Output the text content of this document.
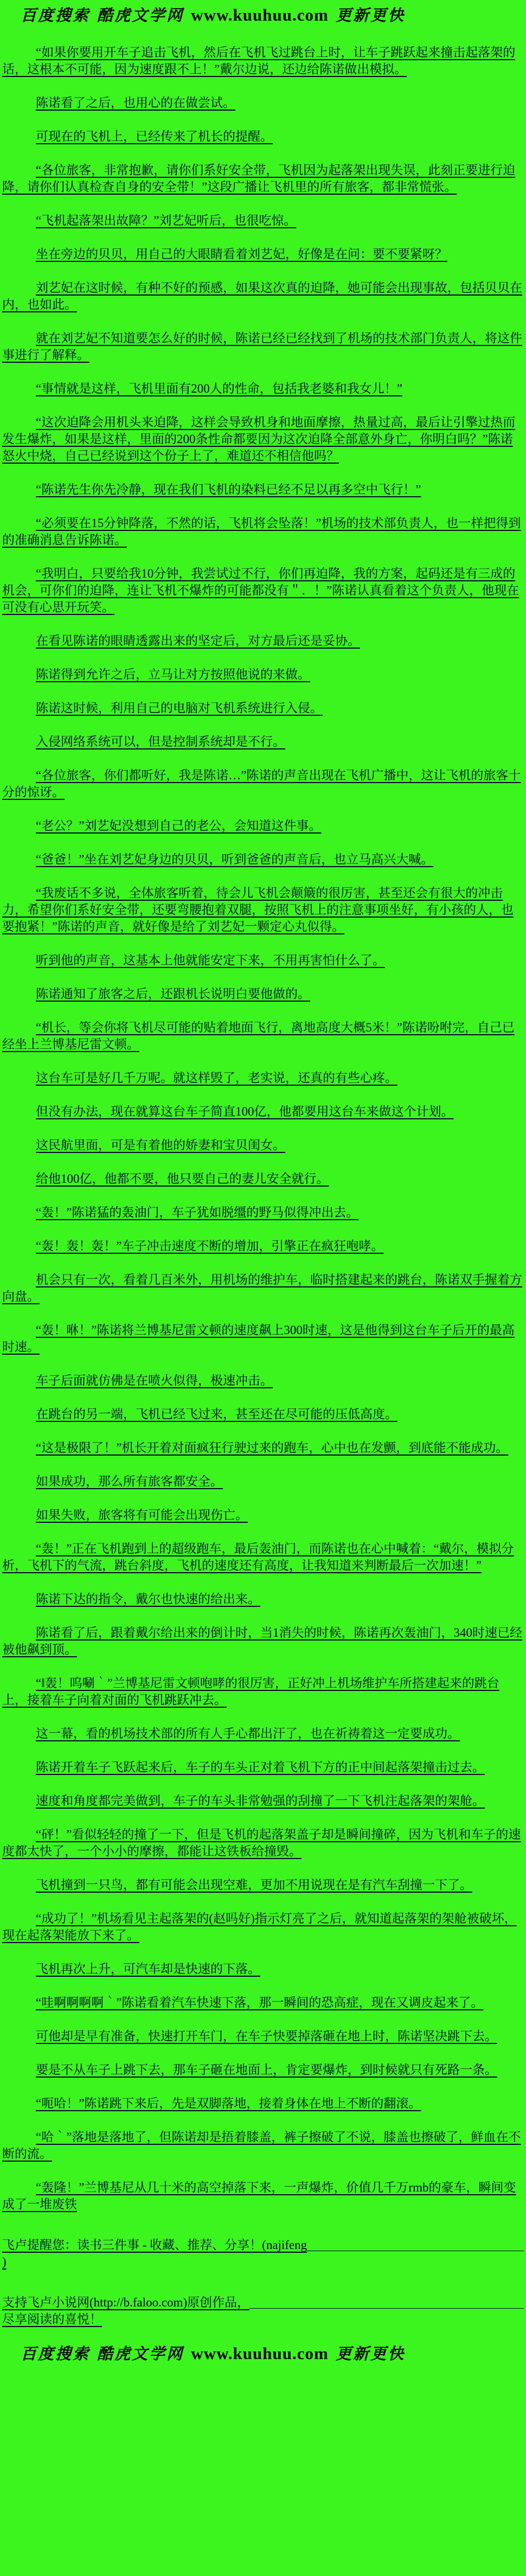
百度搜索 酷虎文学网 www.kuuhuu.com 更新更快

“如果你要用开车子追击飞机，然后在飞机飞过跳台上时，让车子跳跃起来撞击起落架的话，这根本不可能，因为速度跟不上！”戴尔边说，还边给陈诺做出模拟。

陈诺看了之后，也用心的在做尝试。

可现在的飞机上，已经传来了机长的提醒。

“各位旅客，非常抱歉，请你们系好安全带，飞机因为起落架出现失误，此刻正要进行迫降，请你们认真检查自身的安全带！”这段广播让飞机里的所有旅客，都非常慌张。

“飞机起落架出故障？”刘艺妃听后，也很吃惊。

坐在旁边的贝贝，用自己的大眼睛看着刘艺妃，好像是在问：要不要紧呀？

刘艺妃在这时候，有种不好的预感，如果这次真的迫降，她可能会出现事故，包括贝贝在内，也如此。

就在刘艺妃不知道要怎么好的时候，陈诺已经已经找到了机场的技术部门负责人，将这件事进行了解释。

“事情就是这样，飞机里面有200人的性命，包括我老婆和我女儿！”

“这次迫降会用机头来迫降，这样会导致机身和地面摩擦，热量过高，最后让引擎过热而发生爆炸，如果是这样，里面的200条性命都要因为这次迫降全部意外身亡，你明白吗？”陈诺怒火中烧，自己已经说到这个份子上了，难道还不相信他吗？

“陈诺先生你先冷静，现在我们飞机的染料已经不足以再多空中飞行！”

“必须要在15分钟降落，不然的话，飞机将会坠落！”机场的技术部负责人，也一样把得到的准确消息告诉陈诺。

“我明白，只要给我10分钟，我尝试过不行，你们再迫降，我的方案，起码还是有三成的机会，可你们的迫降，连让飞机不爆炸的可能都没有＂．！”陈诺认真看着这个负责人，他现在可没有心思开玩笑。

在看见陈诺的眼睛透露出来的坚定后，对方最后还是妥协。

陈诺得到允许之后，立马让对方按照他说的来做。

陈诺这时候，利用自己的电脑对飞机系统进行入侵。

入侵网络系统可以，但是控制系统却是不行。

“各位旅客，你们都听好，我是陈诺…”陈诺的声音出现在飞机广播中，这让飞机的旅客十分的惊讶。

“老公？”刘艺妃没想到自己的老公，会知道这件事。

“爸爸！”坐在刘艺妃身边的贝贝，听到爸爸的声音后，也立马高兴大喊。

“我废话不多说，全体旅客听着，待会儿飞机会颠簸的很厉害，甚至还会有很大的冲击力，希望你们系好安全带，还要弯腰抱着双腿，按照飞机上的注意事项坐好，有小孩的人，也要抱紧！”陈诺的声音，就好像是给了刘艺妃一颗定心丸似得。

听到他的声音，这基本上他就能安定下来，不用再害怕什么了。

陈诺通知了旅客之后，还跟机长说明白要他做的。

“机长，等会你将飞机尽可能的贴着地面飞行，离地高度大概5米！”陈诺吩咐完，自己已经坐上兰博基尼雷文顿。

这台车可是好几千万呢。就这样毁了，老实说，还真的有些心疼。

但没有办法，现在就算这台车子简直100亿，他都要用这台车来做这个计划。

这民航里面，可是有着他的娇妻和宝贝闺女。

给他100亿，他都不要，他只要自己的妻儿安全就行。

“轰！”陈诺猛的轰油门，车子犹如脱缰的野马似得冲出去。

“轰！轰！轰！”车子冲击速度不断的增加，引擎正在疯狂咆哮。

机会只有一次，看着几百米外，用机场的维护车，临时搭建起来的跳台，陈诺双手握着方向盘。

“轰！咻！”陈诺将兰博基尼雷文顿的速度飙上300时速，这是他得到这台车子后开的最高时速。

车子后面就仿佛是在喷火似得，极速冲击。

在跳台的另一端，飞机已经飞过来，甚至还在尽可能的压低高度。

“这是极限了！”机长开着对面疯狂行驶过来的跑车，心中也在发颤，到底能不能成功。

如果成功，那么所有旅客都安全。

如果失败，旅客将有可能会出现伤亡。

“轰！”正在飞机跑到上的超级跑车，最后轰油门，而陈诺也在心中喊着：“戴尔，模拟分析，飞机下的气流，跳台斜度，飞机的速度还有高度，让我知道来判断最后一次加速！”

陈诺下达的指令，戴尔也快速的给出来。

陈诺看了后，跟着戴尔给出来的倒计时，当1消失的时候，陈诺再次轰油门，340时速已经被他飙到顶。

“‖轰！呜唰｀”兰博基尼雷文顿咆哮的很厉害，正好冲上机场维护车所搭建起来的跳台上，接着车子向着对面的飞机跳跃冲去。

这一幕，看的机场技术部的所有人手心都出汗了，也在祈祷着这一定要成功。

陈诺开着车子飞跃起来后，车子的车头正对着飞机下方的正中间起落架撞击过去。

速度和角度都完美做到，车子的车头非常勉强的刮撞了一下飞机注起落架的架舱。

“砰！”看似轻轻的撞了一下，但是飞机的起落架盖子却是瞬间撞碎，因为飞机和车子的速度都太快了，一个小小的摩擦，都能让这铁板给撞毁。

飞机撞到一只鸟，都有可能会出现空难，更加不用说现在是有汽车刮撞一下了。

“成功了！”机场看见主起落架的(赵吗好)指示灯亮了之后，就知道起落架的架舱被破坏，现在起落架能放下来了。

飞机再次上升，可汽车却是快速的下落。

“哇啊啊啊啊｀”陈诺看着汽车快速下落，那一瞬间的恐高症，现在又调皮起来了。

可他却是早有准备，快速打开车门，在车子快要掉落砸在地上时，陈诺坚决跳下去。

要是不从车子上跳下去，那车子砸在地面上，肯定要爆炸，到时候就只有死路一条。

“呃哈！”陈诺跳下来后，先是双脚落地，接着身体在地上不断的翻滚。

“哈｀”落地是落地了，但陈诺却是捂着膝盖，裤子擦破了不说，膝盖也擦破了，鲜血在不断的流。

“轰隆！”兰博基尼从几十米的高空掉落下来，一声爆炸，价值几千万rmb的豪车，瞬间变成了一堆废铁

飞卢提醒您：读书三件事 - 收藏、推荐、分享！(najifeng
)
支持飞卢小说网(http://b.faloo.com)原创作品，
尽享阅读的喜悦！
百度搜索 酷虎文学网 www.kuuhuu.com 更新更快
